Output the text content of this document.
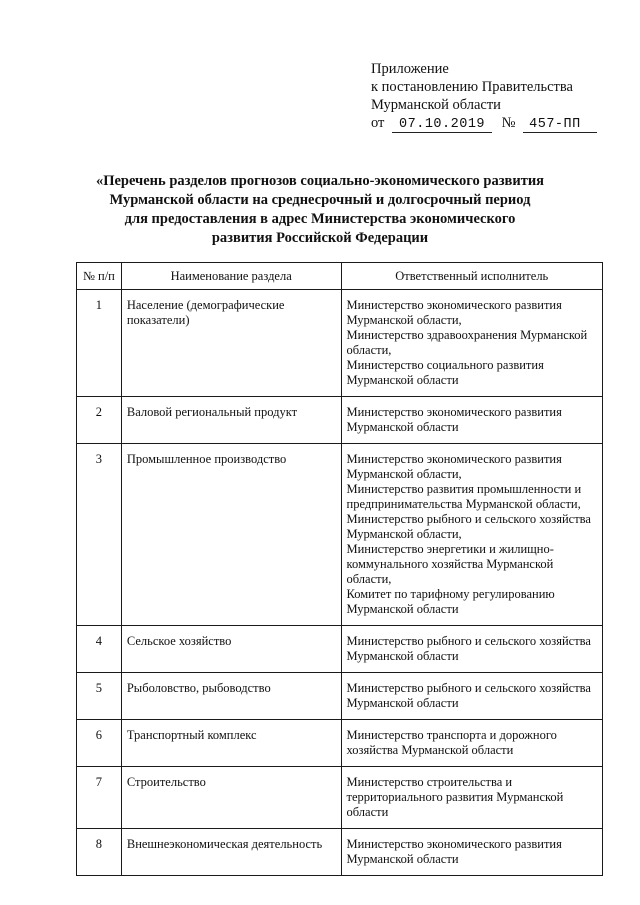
Приложение
к постановлению Правительства
Мурманской области
от 07.10.2019 № 457-ПП
«Перечень разделов прогнозов социально-экономического развития
Мурманской области на среднесрочный и долгосрочный период
для предоставления в адрес Министерства экономического
развития Российской Федерации
№ п/п	Наименование раздела	Ответственный исполнитель
1	Население (демографические показатели)	Министерство экономического развития Мурманской области,
Министерство здравоохранения Мурманской области,
Министерство социального развития Мурманской области

2	Валовой региональный продукт	Министерство экономического развития Мурманской области

3	Промышленное производство	Министерство экономического развития Мурманской области,
Министерство развития промышленности и предпринимательства Мурманской области,
Министерство рыбного и сельского хозяйства Мурманской области,
Министерство энергетики и жилищно-коммунального хозяйства Мурманской области,
Комитет по тарифному регулированию Мурманской области

4	Сельское хозяйство	Министерство рыбного и сельского хозяйства Мурманской области

5	Рыболовство, рыбоводство	Министерство рыбного и сельского хозяйства Мурманской области

6	Транспортный комплекс	Министерство транспорта и дорожного хозяйства Мурманской области

7	Строительство	Министерство строительства и территориального развития Мурманской области

8	Внешнеэкономическая деятельность	Министерство экономического развития Мурманской области
